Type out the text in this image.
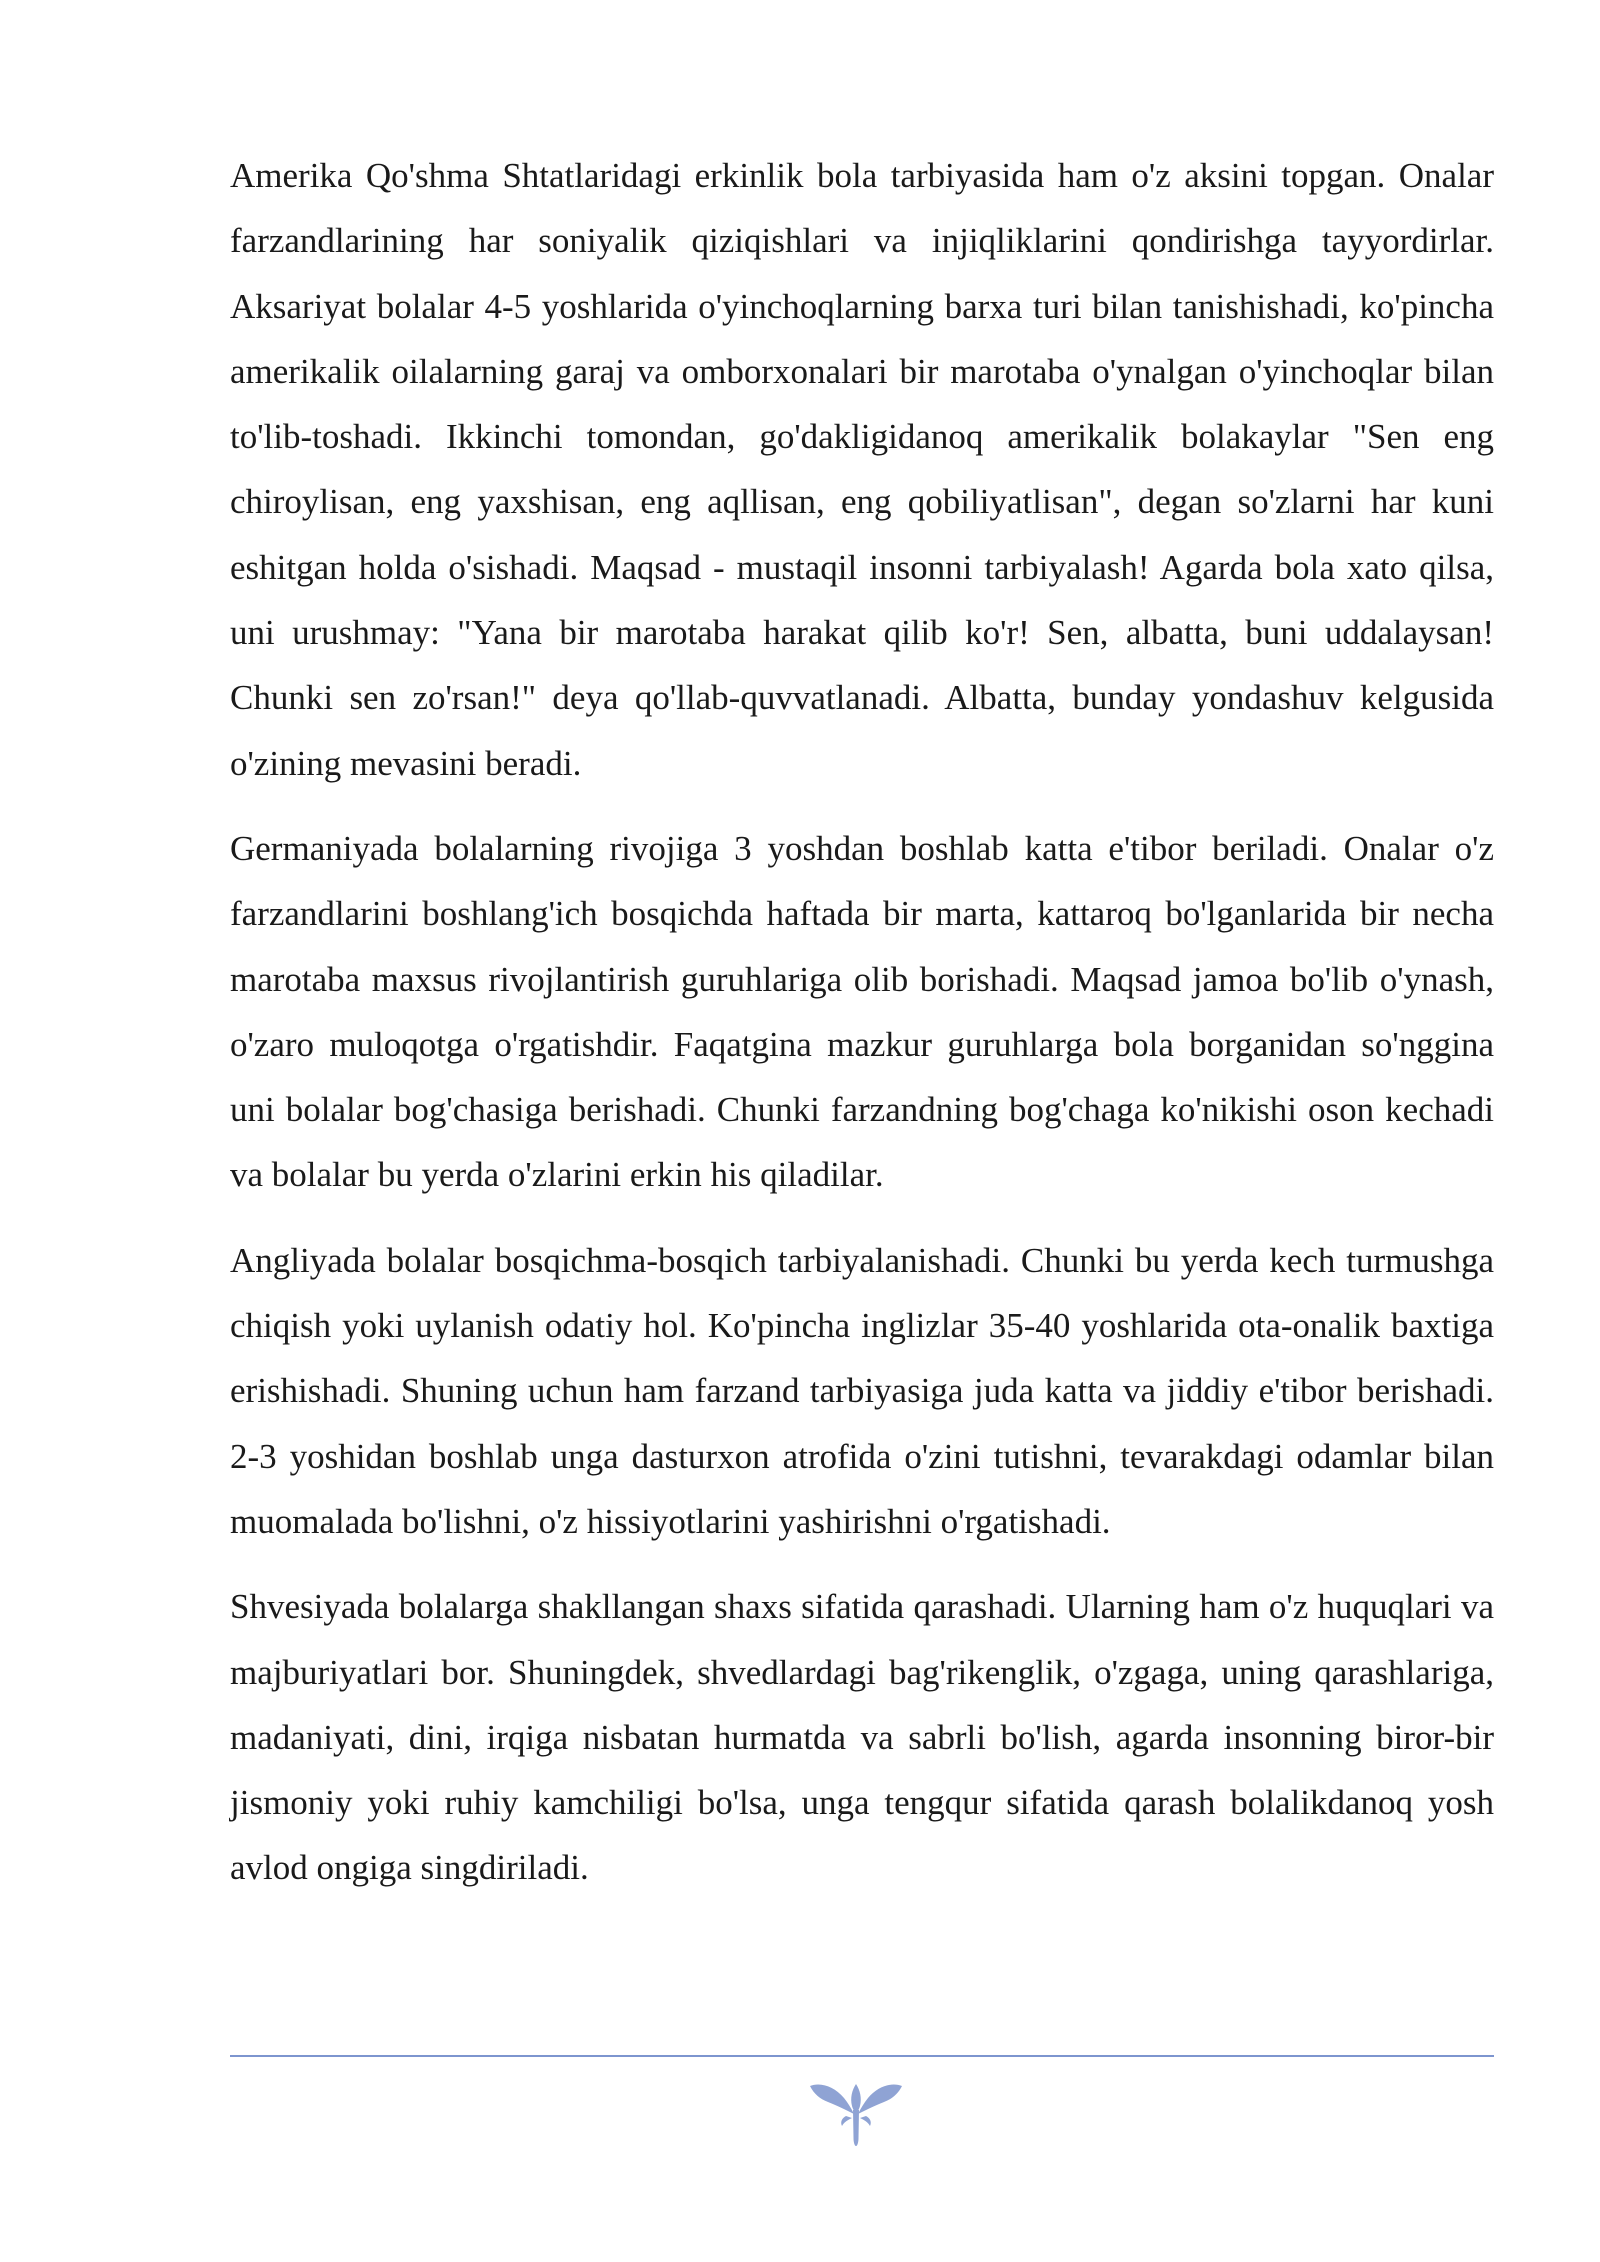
Amerika Qo'shma Shtatlaridagi erkinlik bola tarbiyasida ham o'z aksini topgan. Onalar farzandlarining har soniyalik qiziqishlari va injiqliklarini qondirishga tayyordirlar. Aksariyat bolalar 4-5 yoshlarida o'yinchoqlarning barxa turi bilan tanishishadi, ko'pincha amerikalik oilalarning garaj va omborxonalari bir marotaba o'ynalgan o'yinchoqlar bilan to'lib-toshadi. Ikkinchi tomondan, go'dakligidanoq amerikalik bolakaylar "Sen eng chiroylisan, eng yaxshisan, eng aqllisan, eng qobiliyatlisan", degan so'zlarni har kuni eshitgan holda o'sishadi. Maqsad - mustaqil insonni tarbiyalash! Agarda bola xato qilsa, uni urushmay: "Yana bir marotaba harakat qilib ko'r! Sen, albatta, buni uddalaysan! Chunki sen zo'rsan!" deya qo'llab-quvvatlanadi. Albatta, bunday yondashuv kelgusida o'zining mevasini beradi.

Germaniyada bolalarning rivojiga 3 yoshdan boshlab katta e'tibor beriladi. Onalar o'z farzandlarini boshlang'ich bosqichda haftada bir marta, kattaroq bo'lganlarida bir necha marotaba maxsus rivojlantirish guruhlariga olib borishadi. Maqsad jamoa bo'lib o'ynash, o'zaro muloqotga o'rgatishdir. Faqatgina mazkur guruhlarga bola borganidan so'nggina uni bolalar bog'chasiga berishadi. Chunki farzandning bog'chaga ko'nikishi oson kechadi va bolalar bu yerda o'zlarini erkin his qiladilar.

Angliyada bolalar bosqichma-bosqich tarbiyalanishadi. Chunki bu yerda kech turmushga chiqish yoki uylanish odatiy hol. Ko'pincha inglizlar 35-40 yoshlarida ota-onalik baxtiga erishishadi. Shuning uchun ham farzand tarbiyasiga juda katta va jiddiy e'tibor berishadi. 2-3 yoshidan boshlab unga dasturxon atrofida o'zini tutishni, tevarakdagi odamlar bilan muomalada bo'lishni, o'z hissiyotlarini yashirishni o'rgatishadi.

Shvesiyada bolalarga shakllangan shaxs sifatida qarashadi. Ularning ham o'z huquqlari va majburiyatlari bor. Shuningdek, shvedlardagi bag'rikenglik, o'zgaga, uning qarashlariga, madaniyati, dini, irqiga nisbatan hurmatda va sabrli bo'lish, agarda insonning biror-bir jismoniy yoki ruhiy kamchiligi bo'lsa, unga tengqur sifatida qarash bolalikdanoq yosh avlod ongiga singdiriladi.
